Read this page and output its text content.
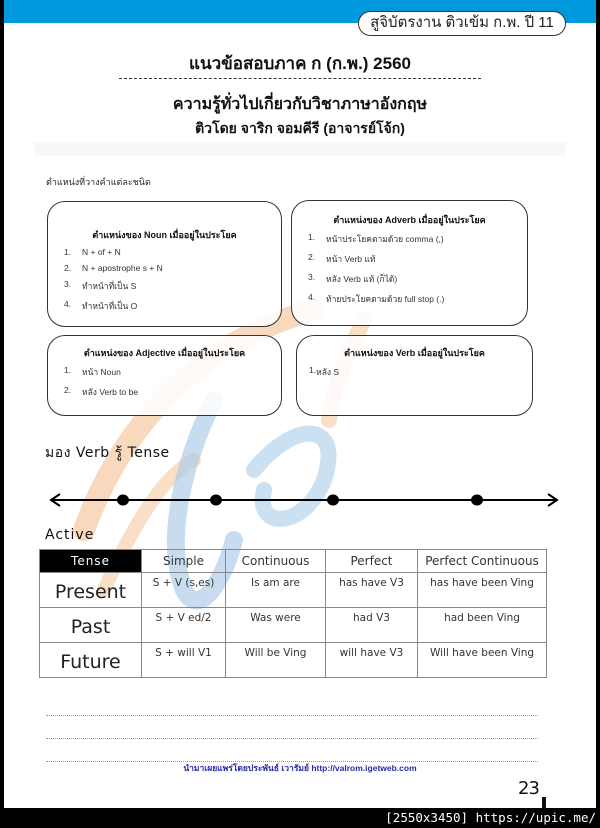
สูจิบัตรงาน ติวเข้ม ก.พ. ปี 11
แนวข้อสอบภาค ก (ก.พ.) 2560
ความรู้ทั่วไปเกี่ยวกับวิชาภาษาอังกฤษ
ติวโดย จาริก จอมคีรี (อาจารย์โจ้ก)
ตำแหน่งที่วางคำแต่ละชนิด
ตำแหน่งของ Noun เมื่ออยู่ในประโยค
1.	N + of + N
2.	N + apostrophe s + N
3.	ทำหน้าที่เป็น S
4.	ทำหน้าที่เป็น O
ตำแหน่งของ Adverb เมื่ออยู่ในประโยค
1.	หน้าประโยคตามด้วย comma (,)
2.	หน้า Verb แท้
3.	หลัง Verb แท้ (ก็ได้)
4.	ท้ายประโยคตามด้วย full stop (.)
ตำแหน่งของ Adjective เมื่ออยู่ในประโยค
1.	หน้า Noun
2.	หลัง Verb to be
ตำแหน่งของ Verb เมื่ออยู่ในประโยค
1. หลัง S
มอง Verb รู้ Tense
Active
Tense	Simple	Continuous	Perfect	Perfect Continuous
Present	S + V (s,es)	Is am are	has have V3	has have been Ving
Past	S + V ed/2	Was were	had V3	had been Ving
Future	S + will V1	Will be Ving	will have V3	Will have been Ving
นำมาเผยแพร่โดยประพันธ์ เวารัมย์ http://valrom.igetweb.com
23
[2550x3450] https://upic.me/
